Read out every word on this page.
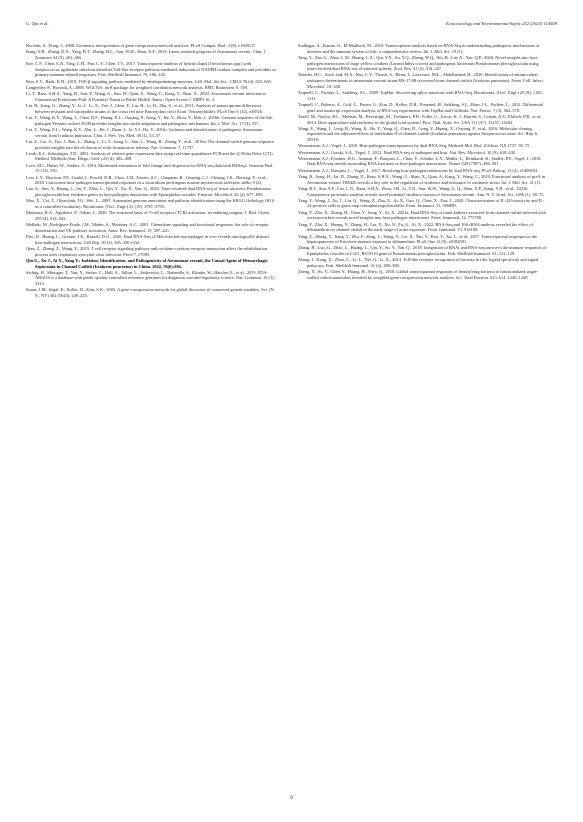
G. Qin et al.	Ecotoxicology and Environmental Safety 252 (2023) 114609

Horvath, S., Dong, J., 2008. Geometric interpretation of gene coexpression network analysis. PLoS Comput. Biol. 4 (8), e1000117.

Kang, Y.H., Zhang, D.X., Yang, B.T., Zhang, H.L., Sun, W.W., Shan, X.F., 2018. Latest research progress of Aeromonas veronii. Chin. J. Zoonoses 34 (5), 452–465.

Kee, C.F., Chen, C.N., Ting, C.H., Pan, C.Y., Chen, J.Y., 2017. Transcriptome analysis of hybrid tilapia (Oreochromis spp.) with Streptococcus agalactiae infection identifies Toll-like receptor pathway-mediated induction of NADPH oxidase complex and piscidins as primary immune-related responses. Fish. Shellfish Immunol. 70, 106–120.

Kim, S.Y., Baek, K.H., 2019. TGF-β signaling pathway mediated by deubiquitinating enzymes. Cell. Mol. life Sci.: CMLS 76 (4), 653–665.

Langfelder, P., Horvath, S., 2008. WGCNA: an R package for weighted correlation network analysis. BMC Bioinform. 9, 559.

Li, T., Raza, S.H.A., Yang, B., Sun, Y., Wang, G., Sun, W., Qian, A., Wang, C., Kang, Y., Shan, X., 2020. Aeromonas veronii infection in Commercial Freshwater Fish: A Potential Threat to Public Health. Anim.: Open Access J. MDPI 10, 4.

Lin, B., Jiang, G., Zhang, Y., Li, J., Li, X., Yue, J., Chen, F., Liu, H., Li, H., Zhu, S., et al., 2011. Analysis of transcriptome differences between resistant and susceptible strains of the citrus red mite Panonychus citri (Acari: Tetranychidae). PLoS One 6 (12), e28516.

Liu, T., Wang, K.Y., Wang, J., Chen, D.F., Huang, X.L., Ouyang, P., Geng, Y., He, Y., Zhou, Y., Min, J., 2016b. Genome sequence of the fish pathogen Yersinia ruckeri SC09 provides insights into niche adaptation and pathogenic mechanism. Int. J. Mol. Sci. 17 (4), 557.

Liu, T., Wang, E.L., Wang, K.Y., Zhu, L., He, J., Duan, J., Li, Y.J., He, Y., 2016c. Isolation and identification of pathogenic Aeromonas veronii from Ictalurus punctatus. Chin. J. Prev. Vet. Med. 38 (1), 53–57.

Liu, Z., Liu, S., Yao, J., Bao, L., Zhang, J., Li, Y., Jiang, C., Sun, L., Wang, R., Zhang, Y., et al., 2016a. The channel catfish genome sequence provides insights into the evolution of scale formation in teleosts. Nat. Commun. 7, 11757.

Livak, K.J., Schmittgen, T.D., 2001. Analysis of relative gene expression data using real-time quantitative PCR and the 2(-Delta Delta C(T)) Method. Methods (San. Diego, Calif.) 25 (4), 402–408.

Love, M.I., Huber, W., Anders, S., 2014. Moderated estimation of fold change and dispersion for RNA-seq data with DESeq2. Genome Biol. 15 (12), 550.

Low, L.Y., Harrison, P.F., Gould, J., Powell, D.R., Choo, J.M., Forster, S.C., Chapman, R., Gearing, L.J., Cheung, J.K., Hertzog, P., et al., 2018. Concurrent host-pathogen transcriptional responses in a clostridium perfringens murine myonecrosis infection. mBio 9 (2).

Luo, G., Sun, Y., Huang, L., Su, Y., Zhao, L., Qin, Y., Xu, X., Yan, Q., 2020. Time-resolved dual RNA-seq of tissue uncovers Pseudomonas plecoglossicida key virulence genes in host-pathogen interaction with Epinephelus coioides. Environ. Microbiol. 22 (2), 677–693.

Mao, X., Cai, T., Olyarchuk, J.G., Wei, L., 2005. Automated genome annotation and pathway identification using the KEGG Orthology (KO) as a controlled vocabulary. Bioinforma. (Oxf., Engl.) 21 (19), 3787–3793.

Mariuzza, R.A., Agnihotri, P., Orban, J., 2020. The structural basis of T-cell receptor (TCR) activation: an enduring enigma. J. Biol. Chem. 295 (4), 914–925.

Mellado, M., Rodríguez-Frade, J.M., Mañes, S., Martínez, A.C., 2001. Chemokine signaling and functional responses: the role of receptor dimerization and TK pathway activation. Annu. Rev. Immunol. 19, 397–421.

Pisu, D., Huang, L., Grenier, J.K., Russell, D.G., 2020. Dual RNA-Seq of Mtb-infected macrophages in vivo reveals ontologically distinct host-pathogen interactions. Cell Rep. 30 (2), 335–350 e334.

Qian, Z., Zhang, Z., Wang, Y., 2019. T cell receptor signaling pathway and cytokine-cytokine receptor interaction affect the rehabilitation process after respiratory syncytial virus infection. PeerJ 7, e7089.

Qin G., Xu J., Ai X., Yang Y.: Isolation, Identification, and Pathogenicity of Aeromonas veronii, the Causal Agent of Hemorrhagic Septicemia in Channel Catfish (Ictalurus punctatus) in China. 2022, 76(6):394.

Sichtig, H., Minogue, T., Yan, Y., Stefan, C., Hall, A., Tallon, L., Sadzewicz, L., Nadendla, S., Klimke, W., Hatcher, E., et al., 2019. FDA-ARGOS is a database with public quality-controlled reference genomes for diagnostic use and regulatory science. Nat. Commun. 10 (1), 3313.

Stuart, J.M., Segal, E., Koller, D., Kim, S.K., 2003. A gene-coexpression network for global discovery of conserved genetic modules. Sci. (N. Y., NY) 302 (5643), 249–255.

Sudhagar, A., Kumar, G., El-Matbouli, M., 2018. Transcriptome analysis based on RNA-Seq in understanding pathogenic mechanisms of diseases and the immune system of fish: a comprehensive review. Int. J. Mol. Sci. 19 (1).

Tang, Y., Xin, G., Zhao, L.M., Huang, L.X., Qin, Y.X., Su, Y.Q., Zheng, W.Q., Wu, B., Lin, N., Yan, Q.P., 2020. Novel insights into host-pathogen interactions of large yellow croakers (Larimichthys crocea) and pathogenic bacterium Pseudomonas plecoglossicida using time-resolved dual RNA-seq of infected spleens. Zool. Res. 41 (3), 314–327.

Tekedar, H.C., Arick 2nd, M.A., Hsu, C.Y., Thrash, A., Blom, J., Lawrence, M.L., Abdelhamed, H., 2020. Identification of antimicrobial resistance determinants in aeromonas veronii strain MS-17-88 recovered from channel catfish (Ictalurus punctatus). Front. Cell. Infect. Microbiol. 10, 348.

Trapnell, C., Pachter, L., Salzberg, S.L., 2009. TopHat: discovering splice junctions with RNA-Seq. Bioinforma. (Oxf., Engl.) 25 (9), 1105–1111.

Trapnell, C., Roberts, A., Goff, L., Pertea, G., Kim, D., Kelley, D.R., Pimentel, H., Salzberg, S.L., Rinn, J.L., Pachter, L., 2012. Differential gene and transcript expression analysis of RNA-seq experiments with TopHat and Cufflinks. Nat. Protoc. 7 (3), 562–578.

Tsuell, M., Naylor, R.L., Meehan, M., Beveridge, M., Tyedmers, P.H., Folke, C., Arrow, K. J., Barrett, S., Crépin, A.S., Ehrlich, P.R., et al., 2014. Does aquaculture add resilience to the global food system? Proc. Natl. Acad. Sci. USA 111 (37), 13257–13263.

Wang, E., Wang, J., Long, B., Wang, K., He, Y., Yang, Q., Chen, D., Geng, Y., Huang, X., Ouyang, P., et al., 2016. Molecular cloning, expression and the adjuvant effects of interleukin-8 of channel catfish (Ictalurus punctatus) against Streptococcus iniae. Sci. Rep. 6, 29310.

Westermann, A.J., Vogel, J., 2018. Host-pathogen transcriptomics by dual RNA-Seq. Methods Mol. Biol. (Clifton, NJ) 1737, 59–75.

Westermann, A.J., Gorski, S.A., Vogel, J., 2012. Dual RNA-seq of pathogen and host. Nat. Rev. Microbiol. 10 (9), 618–630.

Westermann, A.J., Förstner, K.U., Amman, F., Barquist, L., Chao, Y., Schulte, L.N., Müller, L., Reinhardt, R., Stadler, P.F., Vogel, J., 2016. Dual RNA-seq unveils noncoding RNA functions in host-pathogen interactions. Nature 529 (7587), 496–501.

Westermann, A.J., Barquist, L., Vogel, J., 2017. Resolving host-pathogen interactions by dual RNA-seq. PLoS Pathog. 13 (2), e1006033.

Yang, B., Song, H., An, D., Zhang, D., Raza, S.H.A., Wang, G., Shan, X., Qian, A., Kang, Y., Wang, C., 2019. Functional analysis of preA in Aeromonas veronii TH0426 reveals a key role in the regulation of virulence and resistance to oxidative stress. Int. J. Mol. Sci. 21 (1).

Yang, B.T., Sun, Y.F., Cao, L.N., Raza, S.H.A., Zhou, J.H., Li, Y.N., Sun, W.W., Wang, G. Q., Shan, X.F., Kang, Y.H., et al., 2021b. Comparative proteomic analysis reveals novel potential virulence factors of Aeromonas veronii. Ann. N. Y. Acad. Sci. 1496 (1), 58–75.

Yang, Y., Wang, J., Xu, J., Liu, Q., Wang, Z., Zhu, X., Ai, X., Gao, Q., Chen, X., Zou, J., 2020. Characterization of IL-22 bioactivity and IL-22-positive cells in grass carp ctenopharyngodon idella. Front. Immunol. 11, 586889.

Yang, Y., Zhu, X., Zhang, H., Chen, Y., Song, Y., Ai, X., 2021a. Dual RNA-Seq of trunk kidneys extracted from channel catfish infected with yersinia ruckeri reveals novel insights into host-pathogen interactions. Front. Immunol. 12, 775708.

Yang, Y., Zhu, X., Huang, Y., Zhang, H., Liu, Y., Xu, N., Fu, G., Ai, X., 2022. RNA-Seq and 16S rRNA analysis revealed the effect of deltamethrin on channel catfish in the early stage of acute exposure. Front. Immunol. 13, 916100.

Yang, Z., Zhang, Y., Jiang, Y., Zhu, F., Zeng, L., Wang, Y., Lei, X., Yao, Y., Hou, Y., Xu, L., et al., 2017. Transcriptional responses in the hepatopancreas of Eriocheir sinensis exposed to deltamethrin. PLoS One 12 (9), e0184581.

Zhang, B., Luo, G., Zhao, L., Huang, L., Qin, Y., Su, Y., Yan, Q., 2018. Integration of RNAi and RNA-seq uncovers the immune responses of Epinephelus coioides to L321_RS19110 gene of Pseudomonas plecoglossicida. Fish. Shellfish Immunol. 81, 121–129.

Zhang, J., Kong, X., Zhou, C., Li, L., Nie, G., Li, X., 2014. Toll-like receptor recognition of bacteria in fish: ligand specificity and signal pathways. Fish. Shellfish Immunol. 41 (2), 380–388.

Zheng, X., Su, Y., Chen, Y., Huang, H., Shen, Q., 2018. Global transcriptional responses of denitrifying bacteria to functionalized single-walled carbon nanotubes revealed by weighted gene-coexpression network analysis. Sci. Total Environ. 613–614, 1240–1249.

9
